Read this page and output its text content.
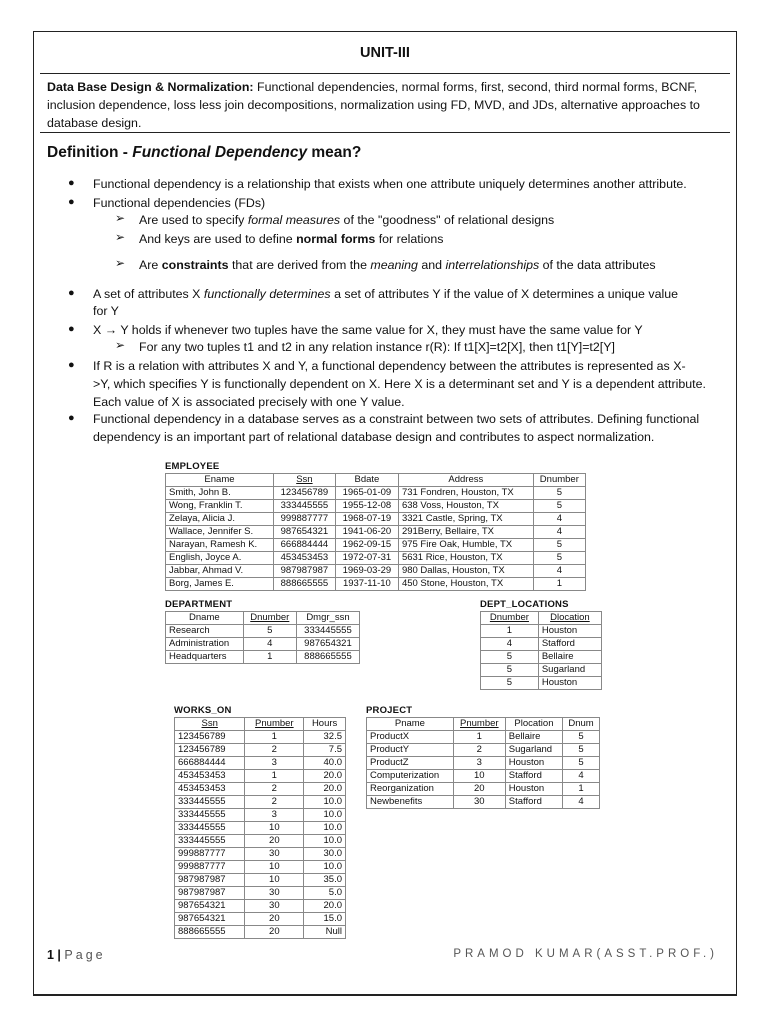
UNIT-III
Data Base Design & Normalization: Functional dependencies, normal forms, first, second, third normal forms, BCNF, inclusion dependence, loss less join decompositions, normalization using FD, MVD, and JDs, alternative approaches to database design.
Definition - Functional Dependency mean?
● Functional dependency is a relationship that exists when one attribute uniquely determines another attribute.
● Functional dependencies (FDs)
➢ Are used to specify formal measures of the "goodness" of relational designs
➢ And keys are used to define normal forms for relations
➢ Are constraints that are derived from the meaning and interrelationships of the data attributes
● A set of attributes X functionally determines a set of attributes Y if the value of X determines a unique value
for Y
● X → Y holds if whenever two tuples have the same value for X, they must have the same value for Y
➢ For any two tuples t1 and t2 in any relation instance r(R): If t1[X]=t2[X], then t1[Y]=t2[Y]
● If R is a relation with attributes X and Y, a functional dependency between the attributes is represented as X-
>Y, which specifies Y is functionally dependent on X. Here X is a determinant set and Y is a dependent attribute.
Each value of X is associated precisely with one Y value.
● Functional dependency in a database serves as a constraint between two sets of attributes. Defining functional
dependency is an important part of relational database design and contributes to aspect normalization.
EMPLOYEE
Ename	Ssn	Bdate	Address	Dnumber
Smith, John B.	123456789	1965-01-09	731 Fondren, Houston, TX	5
Wong, Franklin T.	333445555	1955-12-08	638 Voss, Houston, TX	5
Zelaya, Alicia J.	999887777	1968-07-19	3321 Castle, Spring, TX	4
Wallace, Jennifer S.	987654321	1941-06-20	291Berry, Bellaire, TX	4
Narayan, Ramesh K.	666884444	1962-09-15	975 Fire Oak, Humble, TX	5
English, Joyce A.	453453453	1972-07-31	5631 Rice, Houston, TX	5
Jabbar, Ahmad V.	987987987	1969-03-29	980 Dallas, Houston, TX	4
Borg, James E.	888665555	1937-11-10	450 Stone, Houston, TX	1
DEPARTMENT
Dname	Dnumber	Dmgr_ssn
Research	5	333445555
Administration	4	987654321
Headquarters	1	888665555
DEPT_LOCATIONS
Dnumber	Dlocation
1	Houston
4	Stafford
5	Bellaire
5	Sugarland
5	Houston
WORKS_ON
Ssn	Pnumber	Hours
123456789	1	32.5
123456789	2	7.5
666884444	3	40.0
453453453	1	20.0
453453453	2	20.0
333445555	2	10.0
333445555	3	10.0
333445555	10	10.0
333445555	20	10.0
999887777	30	30.0
999887777	10	10.0
987987987	10	35.0
987987987	30	5.0
987654321	30	20.0
987654321	20	15.0
888665555	20	Null
PROJECT
Pname	Pnumber	Plocation	Dnum
ProductX	1	Bellaire	5
ProductY	2	Sugarland	5
ProductZ	3	Houston	5
Computerization	10	Stafford	4
Reorganization	20	Houston	1
Newbenefits	30	Stafford	4
1 | Page	PRAMOD KUMAR(ASST.PROF.)
